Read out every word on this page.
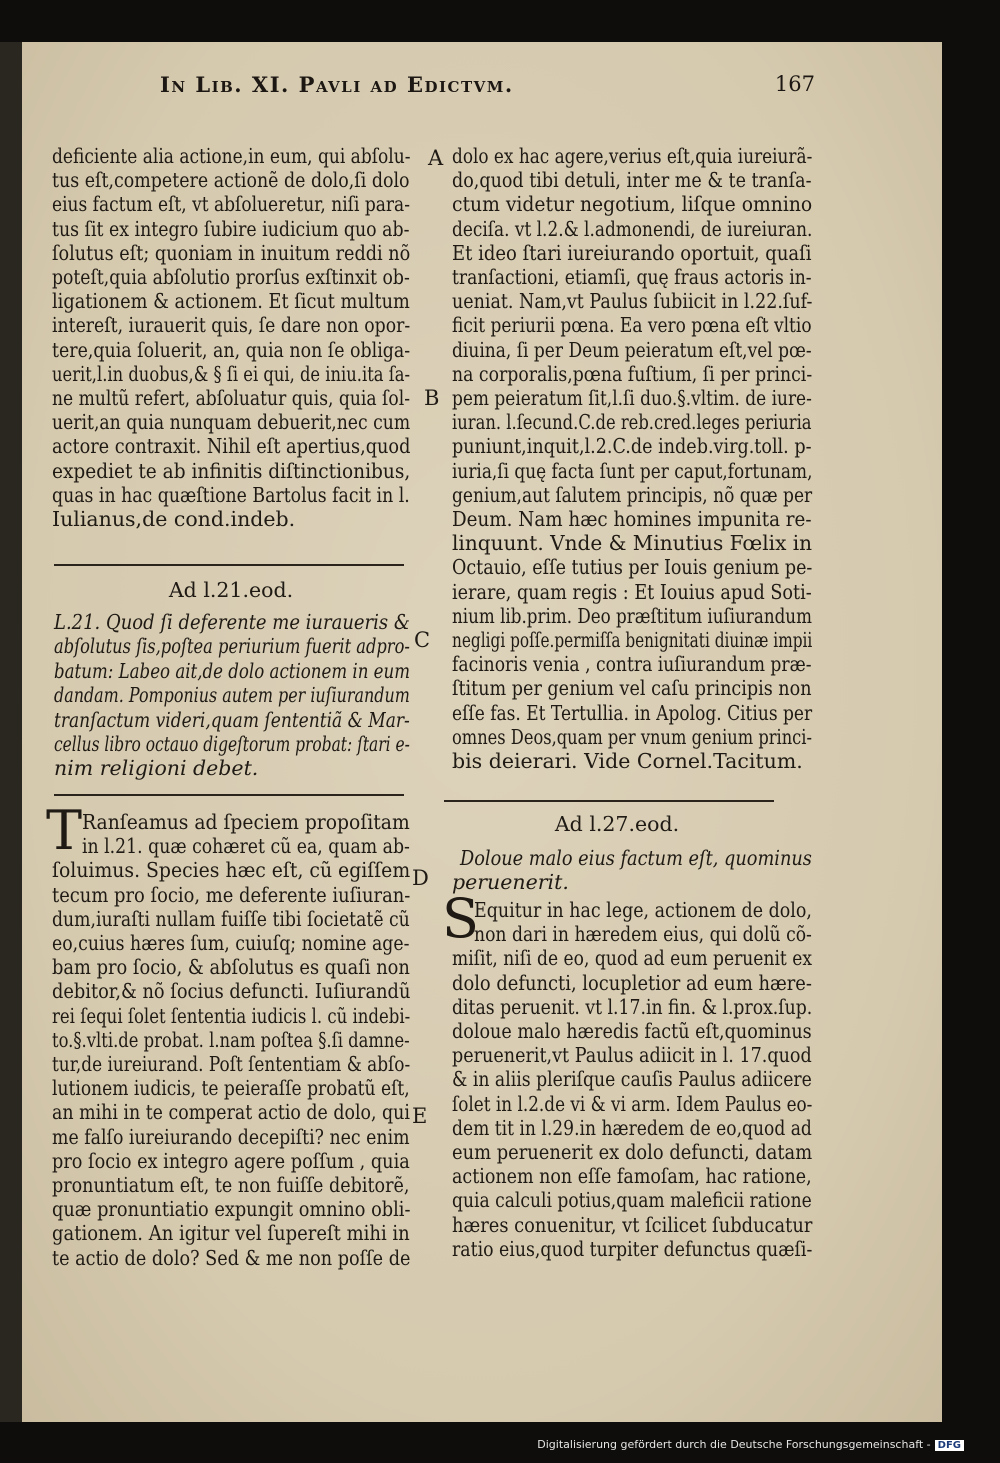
In Lib. XI. Pavli ad Edictvm.	167
deficiente alia actione,in eum, qui abſolu-
tus eſt,competere actionẽ de dolo,ſi dolo
eius factum eſt, vt abſolueretur, niſi para-
tus ſit ex integro ſubire iudicium quo ab-
ſolutus eſt; quoniam in inuitum reddi nõ
poteſt,quia abſolutio prorſus exſtinxit ob-
ligationem & actionem. Et ſicut multum
intereſt, iurauerit quis, ſe dare non opor-
tere,quia ſoluerit, an, quia non ſe obliga-
uerit,l.in duobus,& § ſi ei qui, de iniu.ita ſa-
ne multũ refert, abſoluatur quis, quia ſol-
uerit,an quia nunquam debuerit,nec cum
actore contraxit. Nihil eſt apertius,quod
expediet te ab infinitis diſtinctionibus,
quas in hac quæſtione Bartolus facit in l.
Iulianus,de cond.indeb.
Ad l.21.eod.
L.21. Quod ſi deferente me iuraueris &
abſolutus ſis,poſtea periurium fuerit adpro-
batum: Labeo ait,de dolo actionem in eum
dandam. Pomponius autem per iuſiurandum
tranſactum videri,quam ſententiã & Mar-
cellus libro octauo digeſtorum probat: ſtari e-
nim religioni debet.
T Ranſeamus ad ſpeciem propoſitam
in l.21. quæ cohæret cũ ea, quam ab-
ſoluimus. Species hæc eſt, cũ egiſſem
tecum pro ſocio, me deferente iuſiuran-
dum,iuraſti nullam fuiſſe tibi ſocietatẽ cũ
eo,cuius hæres ſum, cuiuſq; nomine age-
bam pro ſocio, & abſolutus es quaſi non
debitor,& nõ ſocius defuncti. Iuſiurandũ
rei ſequi ſolet ſententia iudicis l. cũ indebi-
to.§.vlti.de probat. l.nam poſtea §.ſi damne-
tur,de iureiurand. Poſt ſententiam & abſo-
lutionem iudicis, te peieraſſe probatũ eſt,
an mihi in te comperat actio de dolo, qui
me falſo iureiurando decepiſti? nec enim
pro ſocio ex integro agere poſſum , quia
pronuntiatum eſt, te non fuiſſe debitorẽ,
quæ pronuntiatio expungit omnino obli-
gationem. An igitur vel ſupereſt mihi in
te actio de dolo? Sed & me non poſſe de
dolo ex hac agere,verius eſt,quia iureiurã-
do,quod tibi detuli, inter me & te tranſa-
ctum videtur negotium, liſque omnino
deciſa. vt l.2.& l.admonendi, de iureiuran.
Et ideo ſtari iureiurando oportuit, quaſi
tranſactioni, etiamſi, quę fraus actoris in-
ueniat. Nam,vt Paulus ſubiicit in l.22.ſuf-
ficit periurii pœna. Ea vero pœna eſt vltio
diuina, ſi per Deum peieratum eſt,vel pœ-
na corporalis,pœna fuſtium, ſi per princi-
pem peieratum ſit,l.ſi duo.§.vltim. de iure-
iuran. l.ſecund.C.de reb.cred.leges periuria
puniunt,inquit,l.2.C.de indeb.virg.toll. p-
iuria,ſi quę facta ſunt per caput,fortunam,
genium,aut ſalutem principis, nõ quæ per
Deum. Nam hæc homines impunita re-
linquunt. Vnde & Minutius Fœlix in
Octauio, eſſe tutius per Iouis genium pe-
ierare, quam regis : Et Iouius apud Soti-
nium lib.prim. Deo præſtitum iuſiurandum
negligi poſſe.permiſſa benignitati diuinæ impii
facinoris venia , contra iuſiurandum præ-
ſtitum per genium vel caſu principis non
eſſe fas. Et Tertullia. in Apolog. Citius per
omnes Deos,quam per vnum genium princi-
bis deierari. Vide Cornel.Tacitum.
Ad l.27.eod.
Doloue malo eius factum eſt, quominus
peruenerit.
S
Equitur in hac lege, actionem de dolo,
non dari in hæredem eius, qui dolũ cõ-
miſit, niſi de eo, quod ad eum peruenit ex
dolo defuncti, locupletior ad eum hære-
ditas peruenit. vt l.17.in fin. & l.prox.ſup.
doloue malo hæredis factũ eſt,quominus
peruenerit,vt Paulus adiicit in l. 17.quod
& in aliis pleriſque cauſis Paulus adiicere
ſolet in l.2.de vi & vi arm. Idem Paulus eo-
dem tit in l.29.in hæredem de eo,quod ad
eum peruenerit ex dolo defuncti, datam
actionem non eſſe famoſam, hac ratione,
quia calculi potius,quam maleficii ratione
hæres conuenitur, vt ſcilicet ſubducatur
ratio eius,quod turpiter defunctus quæſi-
A
B
C
D
E
Digitalisierung gefördert durch die Deutsche Forschungsgemeinschaft - DFG
